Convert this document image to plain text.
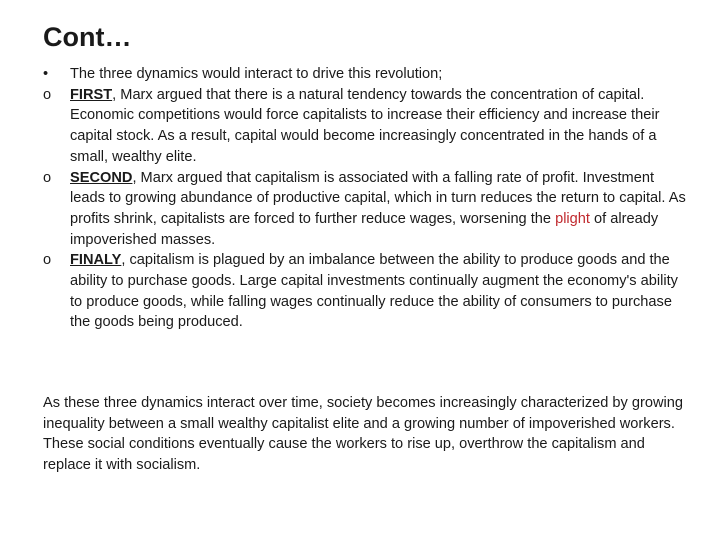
Cont…
•	The three dynamics would interact to drive this revolution;
o	FIRST, Marx argued that there is a natural tendency towards the concentration of capital. Economic competitions would force capitalists to increase their efficiency and increase their capital stock. As a result, capital would become increasingly concentrated in the hands of a small, wealthy elite.
o	SECOND, Marx argued that capitalism is associated with a falling rate of profit. Investment leads to growing abundance of productive capital, which in turn reduces the return to capital. As profits shrink, capitalists are forced to further reduce wages, worsening the plight of already impoverished masses.
o	FINALY, capitalism is plagued by an imbalance between the ability to produce goods and the ability to purchase goods. Large capital investments continually augment the economy's ability to produce goods, while falling wages continually reduce the ability of consumers to purchase the goods being produced.

As these three dynamics interact over time, society becomes increasingly characterized by growing inequality between a small wealthy capitalist elite and a growing number of impoverished workers. These social conditions eventually cause the workers to rise up, overthrow the capitalism and replace it with socialism.
